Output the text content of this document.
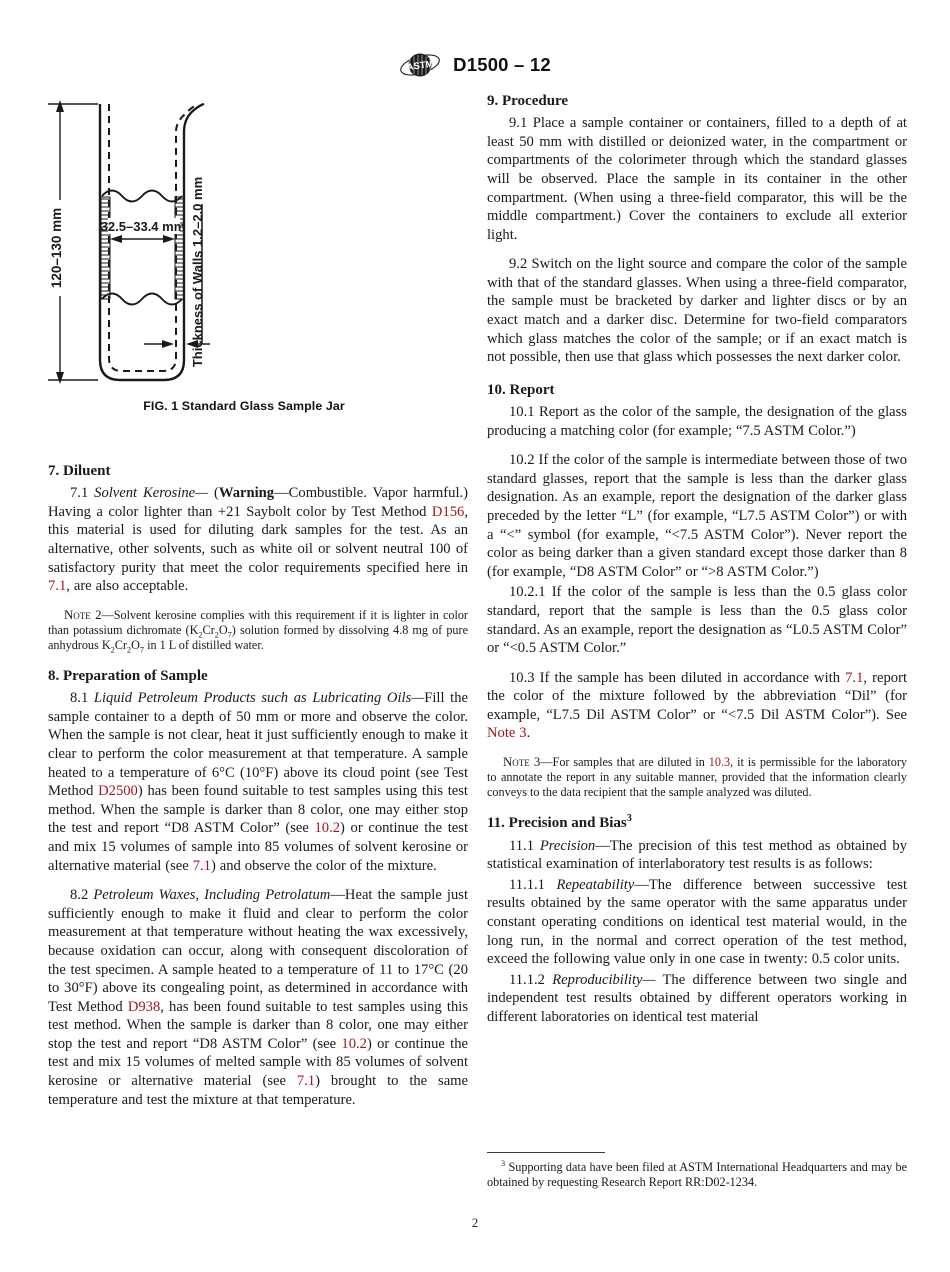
ASTM D1500 – 12
120–130 mm	32.5–33.4 mm Thickness of Walls 1.2–2.0 mm
FIG. 1 Standard Glass Sample Jar
7. Diluent

7.1 Solvent Kerosine— (Warning—Combustible. Vapor harmful.) Having a color lighter than +21 Saybolt color by Test Method D156, this material is used for diluting dark samples for the test. As an alternative, other solvents, such as white oil or solvent neutral 100 of satisfactory purity that meet the color requirements specified here in 7.1, are also acceptable.

Note 2—Solvent kerosine complies with this requirement if it is lighter in color than potassium dichromate $(K_2Cr_2O_7)$ solution formed by dissolving 4.8 mg of pure anhydrous $K_2Cr_2O_7$ in 1 L of distilled water.

8. Preparation of Sample

8.1 Liquid Petroleum Products such as Lubricating Oils—Fill the sample container to a depth of 50 mm or more and observe the color. When the sample is not clear, heat it just sufficiently enough to make it clear to perform the color measurement at that temperature. A sample heated to a temperature of 6°C (10°F) above its cloud point (see Test Method D2500) has been found suitable to test samples using this test method. When the sample is darker than 8 color, one may either stop the test and report “D8 ASTM Color” (see 10.2) or continue the test and mix 15 volumes of sample into 85 volumes of solvent kerosine or alternative material (see 7.1) and observe the color of the mixture.

8.2 Petroleum Waxes, Including Petrolatum—Heat the sample just sufficiently enough to make it fluid and clear to perform the color measurement at that temperature without heating the wax excessively, because oxidation can occur, along with consequent discoloration of the test specimen. A sample heated to a temperature of 11 to 17°C (20 to 30°F) above its congealing point, as determined in accordance with Test Method D938, has been found suitable to test samples using this test method. When the sample is darker than 8 color, one may either stop the test and report “D8 ASTM Color” (see 10.2) or continue the test and mix 15 volumes of melted sample with 85 volumes of solvent kerosine or alternative material (see 7.1) brought to the same temperature and test the mixture at that temperature.

9. Procedure

9.1 Place a sample container or containers, filled to a depth of at least 50 mm with distilled or deionized water, in the compartment or compartments of the colorimeter through which the standard glasses will be observed. Place the sample in its container in the other compartment. (When using a three-field comparator, this will be the middle compartment.) Cover the containers to exclude all exterior light.

9.2 Switch on the light source and compare the color of the sample with that of the standard glasses. When using a three-field comparator, the sample must be bracketed by darker and lighter discs or by an exact match and a darker disc. Determine for two-field comparators which glass matches the color of the sample; or if an exact match is not possible, then use that glass which possesses the next darker color.

10. Report

10.1 Report as the color of the sample, the designation of the glass producing a matching color (for example; “7.5 ASTM Color.”)

10.2 If the color of the sample is intermediate between those of two standard glasses, report that the sample is less than the darker glass designation. As an example, report the designation of the darker glass preceded by the letter “L” (for example, “L7.5 ASTM Color”) or with a “<” symbol (for example, “<7.5 ASTM Color”). Never report the color as being darker than a given standard except those darker than 8 (for example, “D8 ASTM Color” or “>8 ASTM Color.”)

10.2.1 If the color of the sample is less than the 0.5 glass color standard, report that the sample is less than the 0.5 glass color standard. As an example, report the designation as “L0.5 ASTM Color” or “<0.5 ASTM Color.”

10.3 If the sample has been diluted in accordance with 7.1, report the color of the mixture followed by the abbreviation “Dil” (for example, “L7.5 Dil ASTM Color” or “<7.5 Dil ASTM Color”). See Note 3.

Note 3—For samples that are diluted in 10.3, it is permissible for the laboratory to annotate the report in any suitable manner, provided that the information clearly conveys to the data recipient that the sample analyzed was diluted.

11. Precision and Bias$^3$

11.1 Precision—The precision of this test method as obtained by statistical examination of interlaboratory test results is as follows:

11.1.1 Repeatability—The difference between successive test results obtained by the same operator with the same apparatus under constant operating conditions on identical test material would, in the long run, in the normal and correct operation of the test method, exceed the following value only in one case in twenty: 0.5 color units.

11.1.2 Reproducibility— The difference between two single and independent test results obtained by different operators working in different laboratories on identical test material

$^3$ Supporting data have been filed at ASTM International Headquarters and may be obtained by requesting Research Report RR:D02-1234.

2
